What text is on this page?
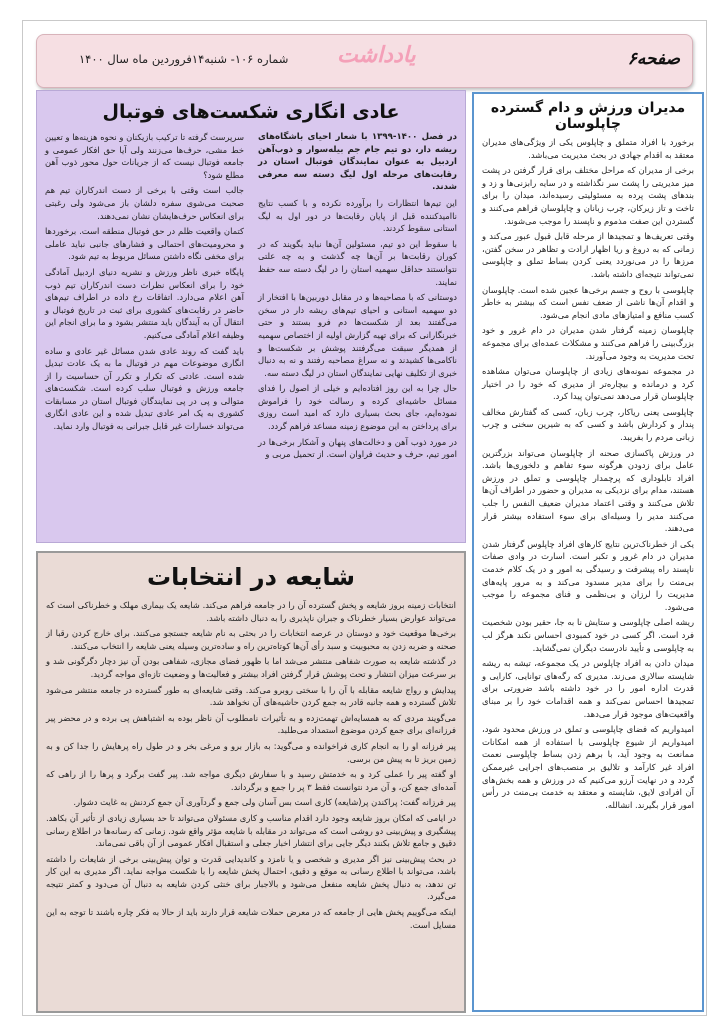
صفحه۶
یادداشت
شماره ۱۰۶- شنبه۱۴فروردین ماه سال ۱۴۰۰
عادی انگاری شکست‌های فوتبال

در فصل ۱۴۰۰-۱۳۹۹ با شعار احیای باشگاه‌های ریشه دار، دو تیم جام جم بیله‌سوار و ذوب‌آهن اردبیل به عنوان نمایندگان فوتبال استان در رقابت‌های مرحله اول لیگ دسته سه معرفی شدند.

این تیم‌ها انتظارات را برآورده نکرده و با کسب نتایج ناامیدکننده قبل از پایان رقابت‌ها در دور اول به لیگ استانی سقوط کردند.

با سقوط این دو تیم، مسئولین آن‌ها نباید بگویند که در کوران رقابت‌ها بر آن‌ها چه گذشت و به چه علتی نتوانستند حداقل سهمیه استان را در لیگ دسته سه حفظ نمایند.

دوستانی که با مصاحبه‌ها و در مقابل دوربین‌ها با افتخار از دو سهمیه استانی و احیای تیم‌های ریشه دار در سخن می‌گفتند بعد از شکست‌ها دم فرو بستند و حتی خبرنگارانی که برای تهیه گزارش اولیه از اختصاص سهمیه از همدیگر سبقت می‌گرفتند پوشش بر شکست‌ها و ناکامی‌ها کشیدند و نه سراغ مصاحبه رفتند و نه به دنبال خبری از تکلیف نهایی نمایندگان استان در لیگ دسته سه.

حال چرا به این روز افتاده‌ایم و خیلی از اصول را فدای مسائل حاشیه‌ای کرده و رسالت خود را فراموش نموده‌ایم، جای بحث بسیاری دارد که امید است روزی برای پرداختن به این موضوع زمینه مساعد فراهم گردد.

در مورد ذوب آهن و دخالت‌های پنهان و آشکار برخی‌ها در امور تیم، حرف و حدیث فراوان است. از تحمیل مربی و

سرپرست گرفته تا ترکیب بازیکنان و نحوه هزینه‌ها و تعیین خط مشی، حرف‌ها می‌زنند ولی آیا حق افکار عمومی و جامعه فوتبال نیست که از جریانات حول محور ذوب آهن مطلع شود؟

جالب است وقتی با برخی از دست اندرکاران تیم هم صحبت می‌شوی سفره دلشان باز می‌شود ولی رغبتی برای انعکاس حرف‌هایشان نشان نمی‌دهند.

کتمان واقعیت ظلم در حق فوتبال منطقه است. برخوردها و محرومیت‌های احتمالی و فشارهای جانبی نباید عاملی برای مخفی نگاه داشتن مسائل مربوط به تیم شود.

پایگاه خبری ناظر ورزش و نشریه دنیای اردبیل آمادگی خود را برای انعکاس نظرات دست اندرکاران تیم ذوب آهن اعلام می‌دارد. اتفاقات رخ داده در اطراف تیم‌های حاضر در رقابت‌های کشوری برای ثبت در تاریخ فوتبال و انتقال آن به آیندگان باید منتشر بشود و ما برای انجام این وظیفه اعلام آمادگی می‌کنیم.

باید گفت که روند عادی شدن مسائل غیر عادی و ساده انگاری موضوعات مهم در فوتبال ما به یک عادت تبدیل شده است. عادتی که تکرار و تکرر آن حساسیت را از جامعه ورزش و فوتبال سلب کرده است. شکست‌های متوالی و پی در پی نمایندگان فوتبال استان در مسابقات کشوری به یک امر عادی تبدیل شده و این عادی انگاری می‌تواند خسارات غیر قابل جبرانی به فوتبال وارد نماید.

شایعه در انتخابات

انتخابات زمینه بروز شایعه و پخش گسترده آن را در جامعه فراهم می‌کند. شایعه یک بیماری مهلک و خطرناکی است که می‌تواند عوارض بسیار خطرناک و جبران ناپذیری را به دنبال داشته باشد.

برخی‌ها موقعیت خود و دوستان در عرصه انتخابات را در بحثی به نام شایعه جستجو می‌کنند. برای خارج کردن رقبا از صحنه و ضربه زدن به محبوبیت و سبد رأی آن‌ها کوتاه‌ترین راه و ساده‌ترین وسیله یعنی شایعه را انتخاب می‌کنند.

در گذشته شایعه به صورت شفاهی منتشر می‌شد اما با ظهور فضای مجازی، شفاهی بودن آن نیز دچار دگرگونی شد و بر سرعت میزان انتشار و تحت پوشش قرار گرفتن افراد بیشتر و فعالیت‌ها و وضعیت تازه‌ای مواجه گردید.

پیدایش و رواج شایعه مقابله با آن را با سختی روبرو می‌کند. وقتی شایعه‌ای به طور گسترده در جامعه منتشر می‌شود تلاش گسترده و همه جانبه قادر به جمع کردن حاشیه‌های آن نخواهد شد.

می‌گویند مردی که به همسایه‌اش تهمت‌زده و به تأثیرات نامطلوب آن ناظر بوده به اشتباهش پی برده و در محضر پیر فرزانه‌ای برای جمع کردن موضوع استمداد می‌طلبد.

پیر فرزانه او را به انجام کاری فراخوانده و می‌گوید: به بازار برو و مرغی بخر و در طول راه پرهایش را جدا کن و به زمین بریز تا به پیش من برسی.

او گفته پیر را عملی کرد و به خدمتش رسید و با سفارش دیگری مواجه شد. پیر گفت برگرد و پرها را از راهی که آمده‌ای جمع کن، و آن مرد نتوانست فقط ۳ پر را جمع و برگرداند.

پیر فرزانه گفت: پراکندن پر(شایعه) کاری است بس آسان ولی جمع و گردآوری آن جمع کردنش به غایت دشوار.

در ایامی که امکان بروز شایعه وجود دارد اقدام مناسب و کاری مسئولان می‌تواند تا حد بسیاری زیادی از تأثیر آن بکاهد. پیشگیری و پیش‌بینی دو روشی است که می‌تواند در مقابله با شایعه مؤثر واقع شود. زمانی که رسانه‌ها در اطلاع رسانی دقیق و جامع تلاش بکنند دیگر جایی برای انتشار اخبار جعلی و استقبال افکار عمومی از آن باقی نمی‌ماند.

در بحث پیش‌بینی نیز اگر مدیری و شخصی و یا نامزد و کاندیدایی قدرت و توان پیش‌بینی برخی از شایعات را داشته باشد، می‌تواند با اطلاع رسانی به موقع و دقیق، احتمال پخش شایعه را با شکست مواجه نماید. اگر مدیری به این کار تن ندهد، به دنبال پخش شایعه منفعل می‌شود و بالاجبار برای خنثی کردن شایعه به دنبال آن می‌دود و کمتر نتیجه می‌گیرد.

اینکه می‌گوییم پخش هایی از جامعه که در معرض حملات شایعه قرار دارند باید از حالا به فکر چاره باشند تا توجه به این مسایل است.

مدیران ورزش و دام گسترده چاپلوسان

برخورد با افراد متملق و چاپلوس یکی از ویژگی‌های مدیران معتقد به اقدام جهادی در بحث مدیریت می‌باشد.

برخی از مدیران که مراحل مختلف برای قرار گرفتن در پشت میز مدیریتی را پشت سر نگذاشته و در سایه رابزنی‌ها و زد و بندهای پشت پرده به مسئولیتی رسیده‌اند، میدان را برای تاخت و تاز زیرکان، چرب زبانان و چاپلوسان فراهم می‌کنند و گستردن این صفت مذموم و ناپسند را موجب می‌شوند.

وقتی تعریف‌ها و تمجیدها از مرحله قابل قبول عبور می‌کند و زمانی که به دروغ و ریا اظهار ارادت و تظاهر در سخن گفتن، مرزها را در می‌نوردد یعنی کردن بساط تملق و چاپلوسی نمی‌تواند نتیجه‌ای داشته باشد.

چاپلوسی با روح و جسم برخی‌ها عجین شده است. چاپلوسان و اقدام آن‌ها ناشی از ضعف نفس است که بیشتر به خاطر کسب منافع و امتیازهای مادی انجام می‌شود.

چاپلوسان زمینه گرفتار شدن مدیران در دام غرور و خود بزرگ‌بینی را فراهم می‌کنند و مشکلات عمده‌ای برای مجموعه تحت مدیریت به وجود می‌آورند.

در مجموعه نمونه‌های زیادی از چاپلوسان می‌توان مشاهده کرد و درمانده و بیچاره‌تر از مدیری که خود را در اختیار چاپلوسان قرار می‌دهد نمی‌توان پیدا کرد.

چاپلوسی یعنی ریاکار، چرب زبان، کسی که گفتارش مخالف پندار و کردارش باشد و کسی که به شیرین سخنی و چرب زبانی مردم را بفریبد.

در ورزش پاکسازی صحنه از چاپلوسان می‌تواند بزرگترین عامل برای زدودن هرگونه سوء تفاهم و دلخوری‌ها باشد. افراد تابلوداری که پرچمدار چاپلوسی و تملق در ورزش هستند، مدام برای نزدیکی به مدیران و حضور در اطراف آن‌ها تلاش می‌کنند و وقتی اعتماد مدیران ضعیف النفس را جلب می‌کنند مدیر را وسیله‌ای برای سوء استفاده بیشتر قرار می‌دهند.

یکی از خطرناک‌ترین نتایج کارهای افراد چاپلوس گرفتار شدن مدیران در دام غرور و تکبر است. اسارت در وادی صفات ناپسند راه پیشرفت و رسیدگی به امور و در یک کلام خدمت بی‌منت را برای مدیر مسدود می‌کند و به مرور پایه‌های مدیریت را لرزان و بی‌نظمی و فنای مجموعه را موجب می‌شود.

ریشه اصلی چاپلوسی و ستایش نا به جا، حقیر بودن شخصیت فرد است. اگر کسی در خود کمبودی احساس نکند هرگز لب به چاپلوسی و تأیید نادرست دیگران نمی‌گشاید.

میدان دادن به افراد چاپلوس در یک مجموعه، تیشه به ریشه شایسته سالاری می‌زند. مدیری که رگه‌های توانایی، کارایی و قدرت اداره امور را در خود داشته باشد ضرورتی برای تمجیدها احساس نمی‌کند و همه اقدامات خود را بر مبنای واقعیت‌های موجود قرار می‌دهد.

امیدواریم که فضای چاپلوسی و تملق در ورزش محدود شود، امیدواریم از شیوع چاپلوسی با استفاده از همه امکانات ممانعت به وجود آید، با برهم زدن بساط چاپلوسی نعمت افراد غیر کارآمد و تلالیق بر منصب‌های اجرایی غیرممکن گردد و در نهایت آرزو می‌کنیم که در ورزش و همه بخش‌های آن افرادی لایق، شایسته و معتقد به خدمت بی‌منت در رأس امور قرار بگیرند. انشالله.
